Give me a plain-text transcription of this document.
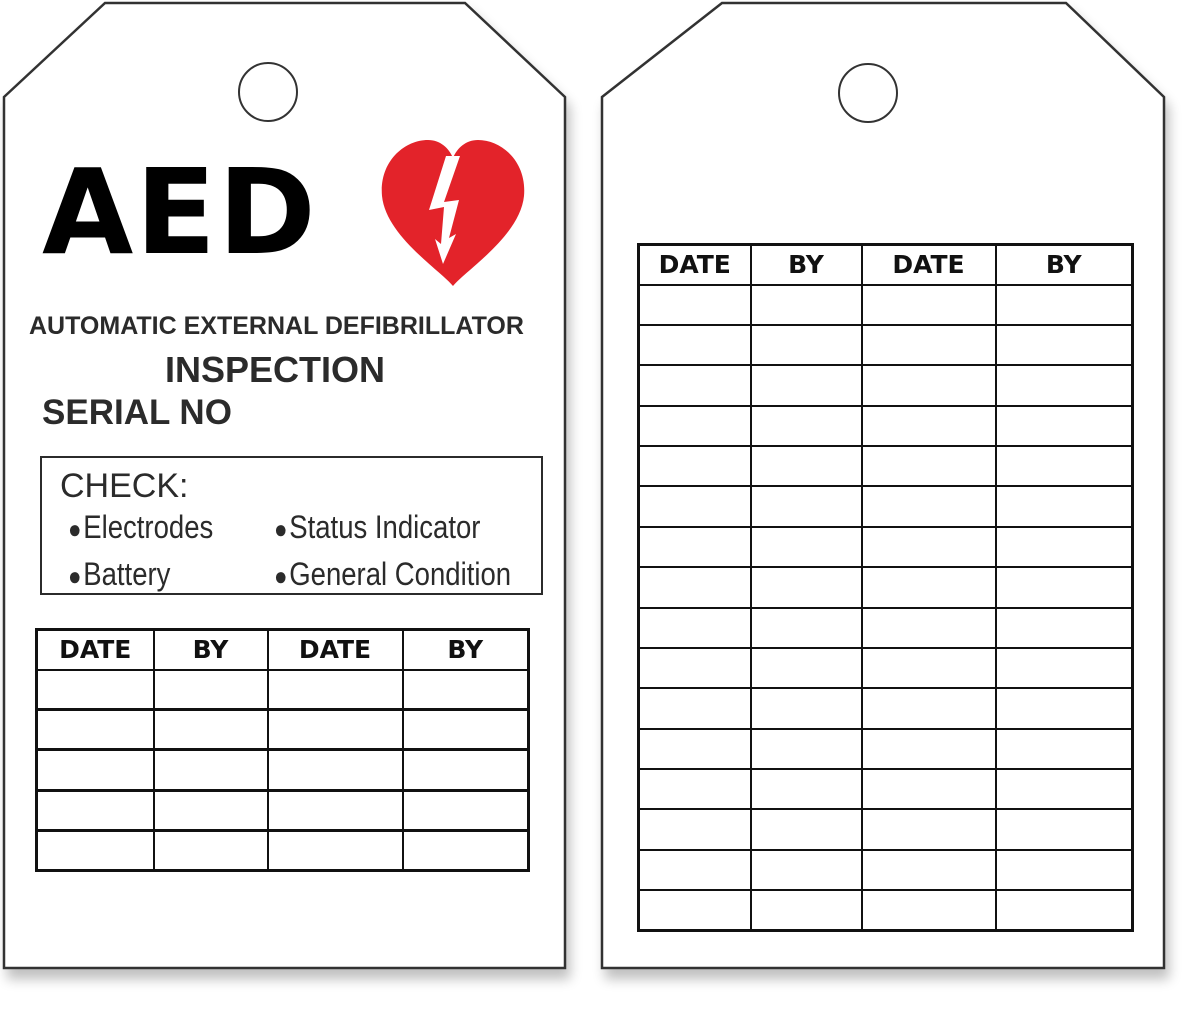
AED
AUTOMATIC EXTERNAL DEFIBRILLATOR
INSPECTION
SERIAL NO
CHECK:
●Electrodes ●Status Indicator
●Battery	●General Condition
DATE	BY	DATE	BY

DATE	BY	DATE	BY
